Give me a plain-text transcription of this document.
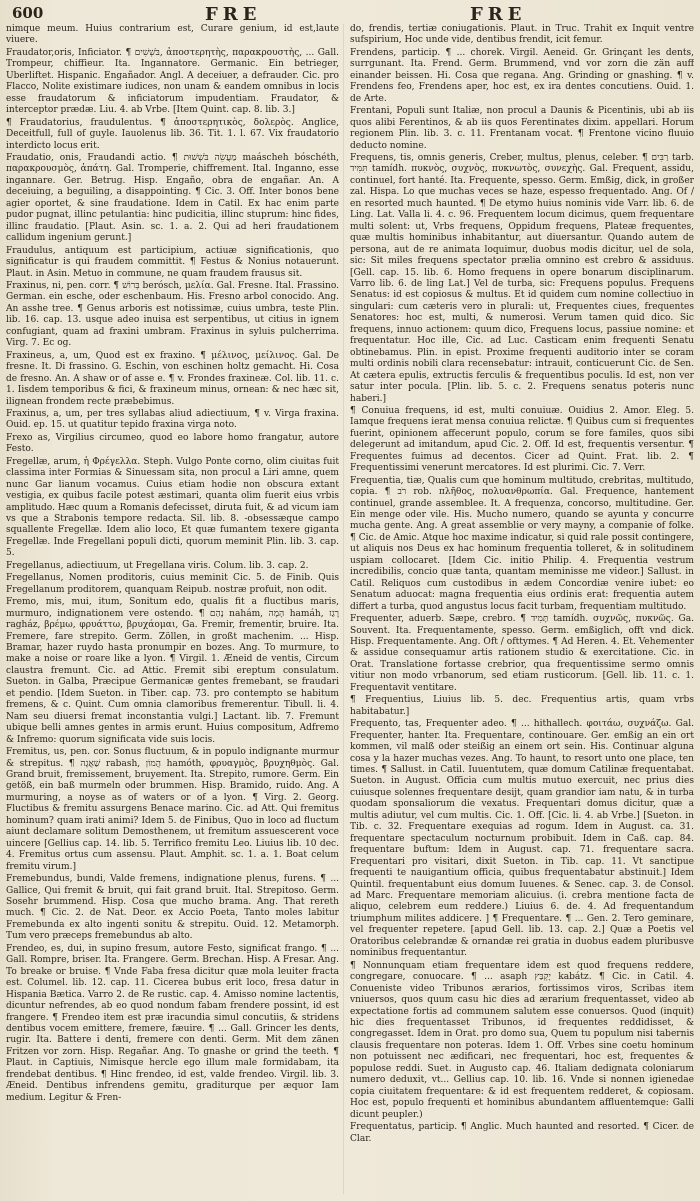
600	FRE	FRE

nimque meum. Huius contrarium est, Curare genium, id est,laute viuere.

Fraudator,oris, Inficiator. ¶ בֹּשְׁשִׁים, ἀποστερητὴς, παρακρουστὴς, ... Gall. Trompeur, chiffieur. Ita. Ingannatore. Germanic. Ein betrieger, Uberliftet. Hispanic. Engañador. Angl. A deceiuer, a defrauder. Cic. pro Flacco, Nolite existimare iudices, non unam & eandem omnibus in locis esse fraudatorum & inficiatorum impudentiam. Fraudator, & interceptor prædæ. Liu. 4. ab Vrbe. [Item Quint. cap. 8. lib. 3.]

¶ Fraudatorius, fraudulentus. ¶ ἀποστερητικὸς, δολερὸς. Anglice, Deceitfull, full of guyle. Iauolenus lib. 36. Tit. 1. l. 67. Vix fraudatorio interdicto locus erit.

Fraudatio, onis, Fraudandi actio. ¶ מַעֲשֵׂה בֹּשְׁשׁוּת maáscheh bóschéth, παρακρουσμὸς, ἀπάτη. Gal. Tromperie, chiffrement. Ital. Inganno, esse ingannare. Ger. Betrug. Hisp. Engaño, obra de engañar. An. A deceiuing, a beguiling, a disappointing. ¶ Cic. 3. Off. Inter bonos bene agier oportet, & sine fraudatione. Idem in Catil. Ex hac enim parte pudor pugnat, illinc petulantia: hinc pudicitia, illinc stuprum: hinc fides, illinc fraudatio. [Plaut. Asin. sc. 1. a. 2. Qui ad heri fraudationem callidum ingenium gerunt.]

Fraudulus, antiquum est participium, actiuæ significationis, quo significatur is qui fraudem committit. ¶ Festus & Nonius notauerunt. Plaut. in Asin. Metuo in commune, ne quam fraudem frausus sit.

Fraxinus, ni, pen. corr. ¶ בְּרוֹשׁ berósch, μελία. Gal. Fresne. Ital. Frassino. German. ein esche, oder eschenbaum. His. Fresno arbol conocido. Ang. An asshe tree. ¶ Genus arboris est notissimæ, cuius umbra, teste Plin. lib. 16. cap. 13. usque adeo inuisa est serpentibus, ut citius in ignem confugiant, quam ad fraxini umbram. Fraxinus in syluis pulcherrima. Virg. 7. Ec og.

Fraxineus, a, um, Quod est ex fraxino. ¶ μέλινος, μείλινος. Gal. De fresne. It. Di frassino. G. Eschin, von eschinen holtz gemacht. Hi. Cosa de fresno. An. A shaw or of asse e. ¶ v. Frondes fraxineæ. Col. lib. 11. c. 1. Iisdem temporibus & fici, & fraxineum minus, ornean: & nec hæc sit, ilignean frondem recte præbebimus.

Fraxinus, a, um, per tres syllabas aliud adiectiuum, ¶ v. Virga fraxina. Ouid. ep. 15. ut quatitur tepido fraxina virga noto.

Frexo as, Virgilius circumeo, quod eo labore homo frangatur, autore Festo.

Fregellæ, arum, ἡ Φρέγελλα. Steph. Vulgo Ponte corno, olim ciuitas fuit classima inter Formias & Sinuessam sita, non procul a Liri amne, quem nunc Gar lianum vocamus. Cuius etiam hodie non obscura extant vestigia, ex quibus facile potest æstimari, quanta olim fuerit eius vrbis amplitudo. Hæc quum a Romanis defecisset, diruta fuit, & ad vicum iam vs que a Strabonis tempore redacta. Sil. lib. 8. -obsessæque campo squallente Fregellæ. Idem alio loco, Et quæ fumantem texere giganta Fregellæ. Inde Fregellani populi dicti, quorum meminit Plin. lib. 3. cap. 5.

Fregellanus, adiectiuum, ut Fregellana viris. Colum. lib. 3. cap. 2.

Fregellanus, Nomen proditoris, cuius meminit Cic. 5. de Finib. Quis Fregellanum proditorem, quanquam Reipub. nostræ profuit, non odit.

Fremo, mis, mui, itum, Sonitum edo, qualis fit a fluctibus maris, murmuro, indignationem vere ostendo. ¶ נָהַם nahám, הָמָה hamáh, רָגַז ragház, βρέμω, φρυάττω, βρυχάομαι, Ga. Fremir, frementir, bruire. Ita. Fremere, fare strepito. Germ. Zöllen, in großt machenim. ... Hisp. Bramar, hazer ruydo hasta pronumpir en bozes. Ang. To murmure, to make a noise or roare like a lyon. ¶ Virgil. 1. Æneid de ventis, Circum claustra fremunt. Cic. ad Attic. Fremit sibi ereptum consulatum. Sueton. in Galba, Præcipue Germanicæ gentes fremebant, se fraudari et pendio. [Idem Sueton. in Tiber. cap. 73. pro contempto se habitum fremens, & c. Quint. Cum omnia clamoribus fremerentur. Tibull. li. 4. Nam seu diuersi fremat inconstantia vulgi.] Lactant. lib. 7. Fremunt ubique belli amnes gentes in armis erunt. Huius compositum, Adfremo & Infremo: quorum significata vide suis locis.

Fremitus, us, pen. cor. Sonus fluctuum, & in populo indignante murmur & strepitus. ¶ שַׁאֲגָה rabash, הֲמוֹן hamóth, φρυαγμὸς, βρυχηθμὸς. Gal. Grand bruit, fremissement, bruyement. Ita. Strepito, rumore. Germ. Ein getöß, ein baß murmeln oder brummen. Hisp. Bramido, ruido. Ang. A murmuring, a noyse as of waters or of a lyon. ¶ Virg. 2. Georg. Fluctibus & fremitu assurgens Benace marino. Cic. ad Att. Qui fremitus hominum? quam irati animi? Idem 5. de Finibus, Quo in loco ad fluctum aiunt declamare solitum Demosthenem, ut fremitum assuescerent voce uincere [Gellius cap. 14. lib. 5. Terrifico fremitu Leo. Liuius lib. 10 dec. 4. Fremitus ortus cum assensu. Plaut. Amphit. sc. 1. a. 1. Boat celum fremitu virum.]

Fremebundus, bundi, Valde fremens, indignatione plenus, furens. ¶ ... Gallice, Qui fremit & bruit, qui fait grand bruit. Ital. Strepitoso. Germ. Sosehr brummend. Hisp. Cosa que mucho brama. Ang. That rereth much. ¶ Cic. 2. de Nat. Deor. ex Accio Poeta, Tanto moles labitur Fremebunda ex alto ingenti sonitu & strepitu. Ouid. 12. Metamorph. Tum vero præceps fremebundus ab alto.

Frendeo, es, dui, in supino fresum, autore Festo, significat frango. ¶ ... Gall. Rompre, briser. Ita. Frangere. Germ. Brechan. Hisp. A Fresar. Ang. To breake or bruise. ¶ Vnde Faba fresa dicitur quæ mola leuiter fracta est. Columel. lib. 12. cap. 11. Cicerea bubus erit loco, fresa datur in Hispania Bætica. Varro 2. de Re rustic. cap. 4. Amisso nomine lactentis, dicuntur nefrendes, ab eo quod nondum fabam frendere possint, id est frangere. ¶ Frendeo item est præ iracundia simul concutiis, & stridens dentibus vocem emittere, fremere, fæuire. ¶ ... Gall. Grincer les dents, rugir. Ita. Battere i denti, fremere con denti. Germ. Mit dem zänen Fritzen vor zorn. Hisp. Regañar. Ang. To gnashe or grind the teeth. ¶ Plaut. in Captiuis, Nimisque hercle ego illum male formidabam, ita frendebat dentibus. ¶ Hinc frendeo, id est, valde frendeo. Virgil. lib. 3. Æneid. Dentibus infrendens gemitu, graditurque per æquor Iam medium. Legitur & Fren-

do, frendis, tertiæ coniugationis. Plaut. in Truc. Trahit ex Inquit ventre sufspirium, Hoc unde vide, dentibus frendit, icit femur.

Frendens, particip. ¶ ... chorek. Virgil. Aeneid. Gr. Grinçant les dents, surrgunant. Ita. Frend. Germ. Brummend, vnd vor zorn die zän auff einander beissen. Hi. Cosa que regana. Ang. Grinding or gnashing. ¶ v. Frendens feo, Frendens aper, hoc est, ex ira dentes concutiens. Ouid. 1. de Arte.

Frentani, Populi sunt Italiæ, non procul a Daunis & Picentinis, ubi ab iis quos alibi Ferentinos, & ab iis quos Ferentinates dixim. appellari. Horum regionem Plin. lib. 3. c. 11. Frentanam vocat. ¶ Frentone vicino fluuio deducto nomine.

Frequens, tis, omnis generis, Creber, multus, plenus, celeber. ¶ רַבִּים tarb. תִּמִּיד tamídh. πυκνὸς, συχνὸς, πυκνωτὸς, συνεχὴς. Gal. Frequent, assidu, continuel, fort hanté. Ita. Frequente, spesso. Germ. Emßig, dick, in großer zal. Hispa. Lo que muchas veces se haze, espesso frequentado. Ang. Of / en resorted much haunted. ¶ De etymo huius nominis vide Varr. lib. 6. de Ling. Lat. Valla li. 4. c. 96. Frequentem locum dicimus, quem frequentare multi solent: ut, Vrbs frequens, Oppidum frequens, Plateæ frequentes, quæ multis hominibus inhabitantur, aut diuersantur. Quando autem de persona, aut de re animata loquimur, duobus modis dicitur, uel de sola, sic: Sit miles frequens spectator prælia omnino est crebro & assiduus. [Gell. cap. 15. lib. 6. Homo frequens in opere bonarum disciplinarum. Varro lib. 6. de ling Lat.] Vel de turba, sic: Frequens populus. Frequens Senatus: id est copiosus & multus. Et id quidem cum nomine collectiuo in singulari: cum cæteris vero in plurali: ut, Frequentes ciues, frequentes Senatores: hoc est, multi, & numerosi. Verum tamen quid dico. Sic frequens, innuo actionem: quum dico, Frequens locus, passiue nomine: et frequentatur. Hoc ille, Cic. ad Luc. Casticam enim frequenti Senatu obtinebamus. Plin. in epist. Proxime frequenti auditorio inter se coram multi ordinis nobili clara recensebatur: intrauit, conticuerunt Cic. de Sen. At cætera epulis, extructis ferculis & frequentibus poculis. Id est, non ver satur inter pocula. [Plin. lib. 5. c. 2. Frequens senatus poteris nunc haberi.]

¶ Conuiua frequens, id est, multi conuiuæ. Ouidius 2. Amor. Eleg. 5. Iamque frequens ierat mensa conuiua relictæ. ¶ Quibus cum si frequentes fuerint, opinionem affecerunt populo, corum se fore familes, quos sibi delegerunt ad imitandum, apud Cic. 2. Off. Id est, frequentis versentur. ¶ Frequentes fuimus ad decentos. Cicer ad Quint. Frat. lib. 2. ¶ Frequentissimi venerunt mercatores. Id est plurimi. Cic. 7. Verr.

Frequentia, tiæ, Qualis cum que hominum multitudo, crebritas, multitudo, copia. ¶ רֹב rob. πλῆθος, πολυανθρωπία. Gal. Frequence, hantement continuel, grande assemblee. It. A frequenza, concorso, multitudine. Ger. Ein menge oder vile. His. Mucho numero, quando se ayunta y concurre mucha gente. Ang. A great assemblie or very mayny, a companie of folke. ¶ Cic. de Amic. Atque hoc maxime indicatur, si quid rale possit contingere, ut aliquis nos Deus ex hac hominum frequentia tolleret, & in solitudinem uspiam collocaret. [Idem Cic. initio Philip. 4. Frequentia vestrum incredibilis, concio quæ tanta, quantam meminisse me videor.] Sallust. in Catil. Reliquos cum custodibus in ædem Concordiæ venire iubet: eo Senatum aduocat: magna frequentia eius ordinis erat: frequentia autem differt a turba, quod angustus locus facit turbam, frequentiam multitudo.

Frequenter, aduerb. Sæpe, crebro. ¶ תָּמִיד tamídh. συχνῶς, πυκνῶς. Ga. Souvent. Ita. Frequentamente, spesso. Germ. emßiglich, offt vnd dick. Hisp. Frequentamente. Ang. Oft / ofttymes. ¶ Ad Heren. 4. Et. Vehementer & assidue consequamur artis rationem studio & exercitatione. Cic. in Orat. Translatione fortasse crebrior, qua frequentissime sermo omnis vitiur non modo vrbanorum, sed etiam rusticorum. [Gell. lib. 11. c. 1. Frequentavit ventitare.

¶ Frequentius, Liuius lib. 5. dec. Frequentius artis, quam vrbs habitabatur.]

Frequento, tas, Frequenter adeo. ¶ ... hithallech. φοιτάω, συχνάζω. Gal. Frequenter, hanter. Ita. Frequentare, continouare. Ger. emßig an ein ort kommen, vil malß oder steißig an einem ort sein. His. Continuar alguna cosa y la hazer muchas vezes. Ang. To haunt, to resort unto one place, ten times. ¶ Sallust. in Catil. Iuuentutem, quæ domum Catilinæ frequentabat. Sueton. in August. Officia cum multis mutuo exercuit, nec prius dies cuiusque solennes frequentare desijt, quam grandior iam natu, & in turba quodam sponsaliorum die vexatus. Frequentari domus dicitur, quæ a multis adiutur, vel cum multis. Cic. 1. Off. [Cic. li. 4. ab Vrbe.] [Sueton. in Tib. c. 32. Frequentare exequias ad rogum. Idem in August. ca. 31. frequentare spectaculum nocturnum probibuit. Idem in Caß. cap. 84. frequentare buftum: Idem in August. cap. 71. frequentare sacra. Frequentari pro visitari, dixit Sueton. in Tib. cap. 11. Vt sanctipue frequenti te nauigantium officia, quibus frequentabatur abstinuit.] Idem Quintil. frequentabunt eius domum Iuuenes. & Senec. cap. 3. de Consol. ad Marc. Frequentare memoriam alicuius. (i. crebra mentione facta de aliquo, celebrem eum reddere.) Liuius 6. de. 4. Ad frequentandum triumphum milites addicere. ] ¶ Frequentare. ¶ ... Gen. 2. Tero geminare, vel frequenter repetere. [apud Gell. lib. 13. cap. 2.] Quæ a Poetis vel Oratoribus celebrandæ & ornandæ rei gratia in duobus eadem pluribusve nominibus frequentantur.

¶ Nonnunquam etiam frequentare idem est quod frequens reddere, congregare, conuocare. ¶ ... asaph יָקְבַּץ kabátz. ¶ Cic. in Catil. 4. Conueniste video Tribunos ærarios, fortissimos viros, Scribas item vniuersos, quos quum casu hic dies ad ærarium frequentasset, video ab expectatione fortis ad communem salutem esse conuersos. Quod (inquit) hic dies frequentasset Tribunos, id frequentes reddidisset, & congregasset. Idem in Orat. pro domo sua, Quem tu populum nisi tabernis clausis frequentare non poteras. Idem 1. Off. Vrbes sine coetu hominum non potuissent nec ædificari, nec frequentari, hoc est, frequentes & populose reddi. Suet. in Augusto cap. 46. Italiam dedignata coloniarum numero deduxit, vt... Gellius cap. 10. lib. 16. Vnde si nonnen igienedae copia ciuitatem frequentare: & id est frequentem redderet, & copiosam. Hoc est, populo frequenti et hominibus abundantem affluentemque: Galli dicunt peupler.)

Frequentatus, particip. ¶ Anglic. Much haunted and resorted. ¶ Cicer. de Clar.
